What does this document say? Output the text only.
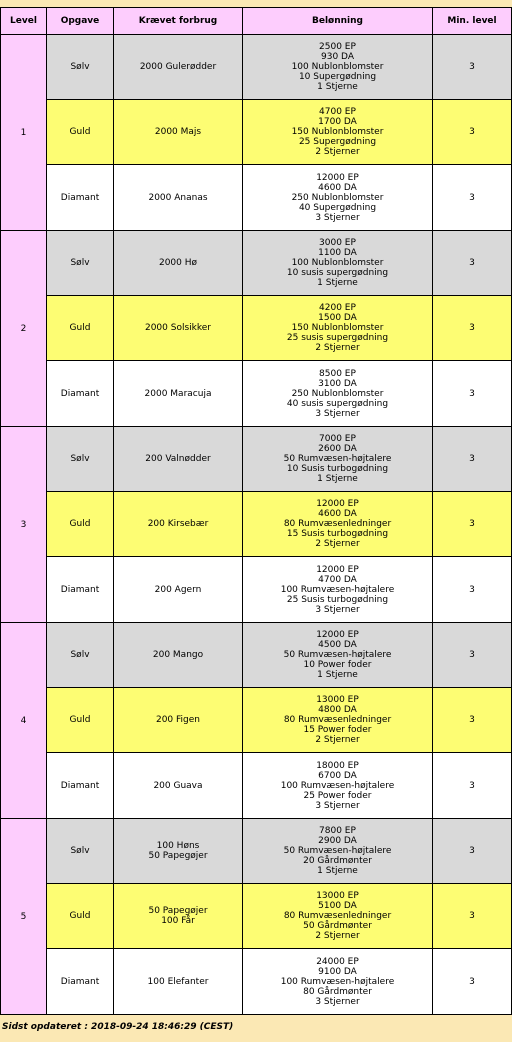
Level	Opgave	Krævet forbrug	Belønning	Min. level
1	Sølv	2000 Gulerødder	2500 EP
930 DA
100 Nublonblomster
10 Supergødning
1 Stjerne	3
	Guld	2000 Majs	4700 EP
1700 DA
150 Nublonblomster
25 Supergødning
2 Stjerner	3
	Diamant	2000 Ananas	12000 EP
4600 DA
250 Nublonblomster
40 Supergødning
3 Stjerner	3
2	Sølv	2000 Hø	3000 EP
1100 DA
100 Nublonblomster
10 susis supergødning
1 Stjerne	3
	Guld	2000 Solsikker	4200 EP
1500 DA
150 Nublonblomster
25 susis supergødning
2 Stjerner	3
	Diamant	2000 Maracuja	8500 EP
3100 DA
250 Nublonblomster
40 susis supergødning
3 Stjerner	3
3	Sølv	200 Valnødder	7000 EP
2600 DA
50 Rumvæsen-højtalere
10 Susis turbogødning
1 Stjerne	3
	Guld	200 Kirsebær	12000 EP
4600 DA
80 Rumvæsenledninger
15 Susis turbogødning
2 Stjerner	3
	Diamant	200 Agern	12000 EP
4700 DA
100 Rumvæsen-højtalere
25 Susis turbogødning
3 Stjerner	3
4	Sølv	200 Mango	12000 EP
4500 DA
50 Rumvæsen-højtalere
10 Power foder
1 Stjerne	3
	Guld	200 Figen	13000 EP
4800 DA
80 Rumvæsenledninger
15 Power foder
2 Stjerner	3
	Diamant	200 Guava	18000 EP
6700 DA
100 Rumvæsen-højtalere
25 Power foder
3 Stjerner	3
5	Sølv	100 Høns
50 Papegøjer	7800 EP
2900 DA
50 Rumvæsen-højtalere
20 Gårdmønter
1 Stjerne	3
	Guld	50 Papegøjer
100 Får	13000 EP
5100 DA
80 Rumvæsenledninger
50 Gårdmønter
2 Stjerner	3
	Diamant	100 Elefanter	24000 EP
9100 DA
100 Rumvæsen-højtalere
80 Gårdmønter
3 Stjerner	3
Sidst opdateret : 2018-09-24 18:46:29 (CEST)
